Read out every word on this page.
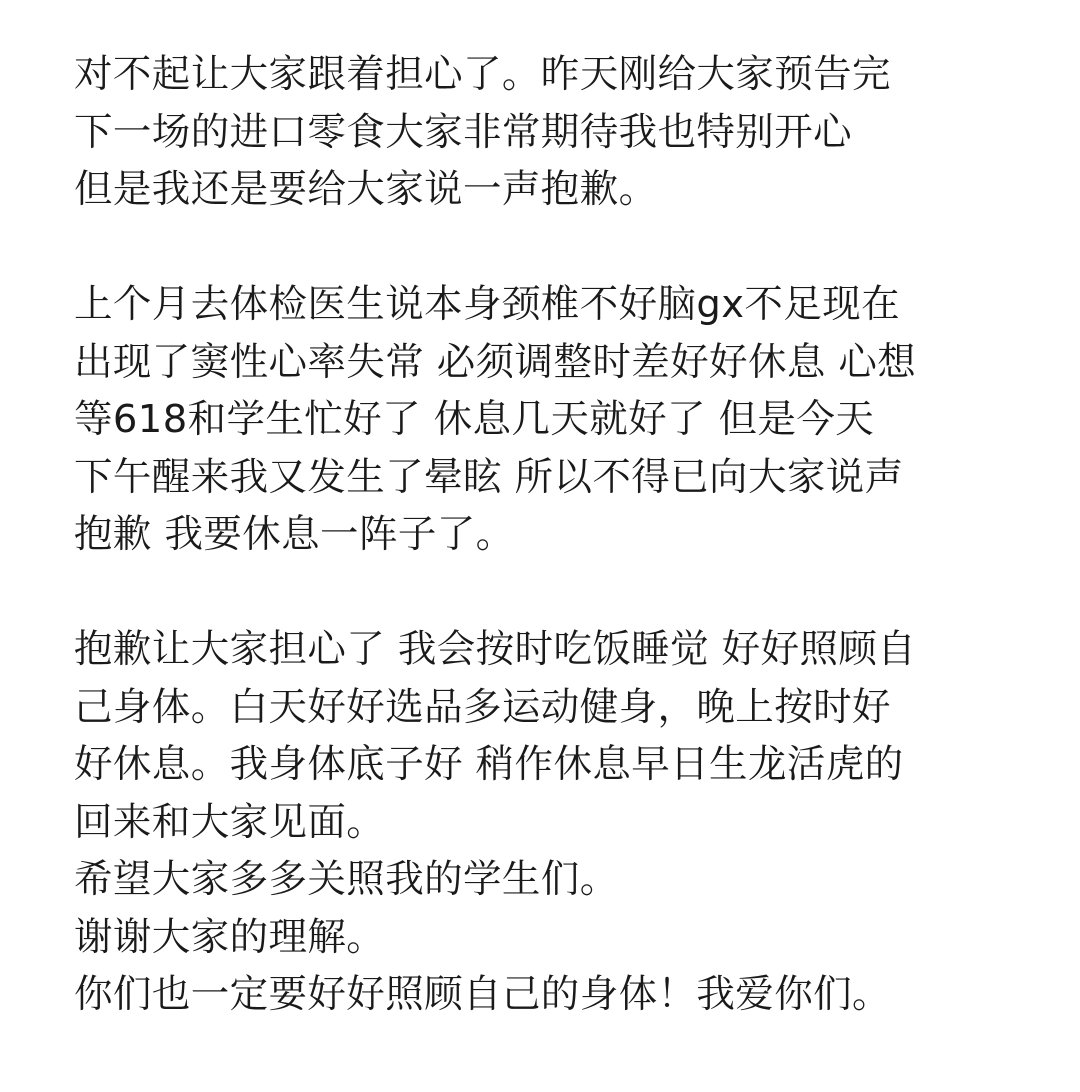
对不起让大家跟着担心了。昨天刚给大家预告完
下一场的进口零食大家非常期待我也特别开心
但是我还是要给大家说一声抱歉。

上个月去体检医生说本身颈椎不好脑gx不足现在
出现了窦性心率失常 必须调整时差好好休息 心想
等618和学生忙好了 休息几天就好了 但是今天
下午醒来我又发生了晕眩 所以不得已向大家说声
抱歉 我要休息一阵子了。

抱歉让大家担心了 我会按时吃饭睡觉 好好照顾自
己身体。白天好好选品多运动健身，晚上按时好
好休息。我身体底子好 稍作休息早日生龙活虎的
回来和大家见面。
希望大家多多关照我的学生们。
谢谢大家的理解。
你们也一定要好好照顾自己的身体！我爱你们。
